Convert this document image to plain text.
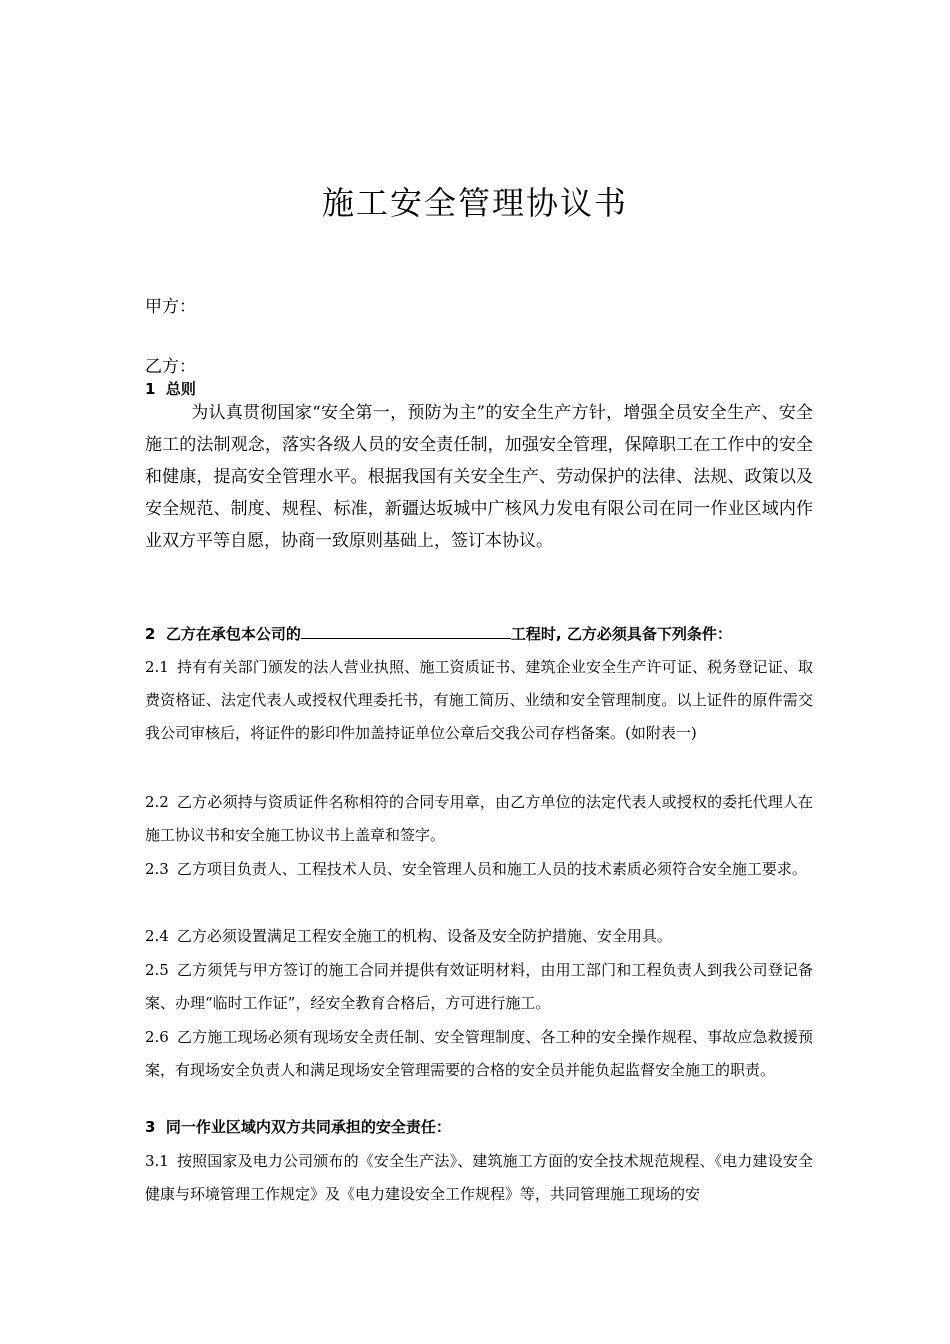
施工安全管理协议书
甲方：
乙方：
1 总则
为认真贯彻国家“安全第一，预防为主”的安全生产方针，增强全员安全生产、安全施工的法制观念，落实各级人员的安全责任制，加强安全管理，保障职工在工作中的安全和健康，提高安全管理水平。根据我国有关安全生产、劳动保护的法律、法规、政策以及安全规范、制度、规程、标准，新疆达坂城中广核风力发电有限公司在同一作业区域内作业双方平等自愿，协商一致原则基础上，签订本协议。
2 乙方在承包本公司的	工程时, 乙方必须具备下列条件：
2.1 持有有关部门颁发的法人营业执照、施工资质证书、建筑企业安全生产许可证、税务登记证、取费资格证、法定代表人或授权代理委托书，有施工简历、业绩和安全管理制度。以上证件的原件需交我公司审核后，将证件的影印件加盖持证单位公章后交我公司存档备案。(如附表一)
2.2 乙方必须持与资质证件名称相符的合同专用章，由乙方单位的法定代表人或授权的委托代理人在施工协议书和安全施工协议书上盖章和签字。
2.3 乙方项目负责人、工程技术人员、安全管理人员和施工人员的技术素质必须符合安全施工要求。
2.4 乙方必须设置满足工程安全施工的机构、设备及安全防护措施、安全用具。
2.5 乙方须凭与甲方签订的施工合同并提供有效证明材料，由用工部门和工程负责人到我公司登记备案、办理“临时工作证”，经安全教育合格后，方可进行施工。
2.6 乙方施工现场必须有现场安全责任制、安全管理制度、各工种的安全操作规程、事故应急救援预案，有现场安全负责人和满足现场安全管理需要的合格的安全员并能负起监督安全施工的职责。
3 同一作业区域内双方共同承担的安全责任：
3.1 按照国家及电力公司颁布的《安全生产法》、建筑施工方面的安全技术规范规程、《电力建设安全健康与环境管理工作规定》及《电力建设安全工作规程》等，共同管理施工现场的安
